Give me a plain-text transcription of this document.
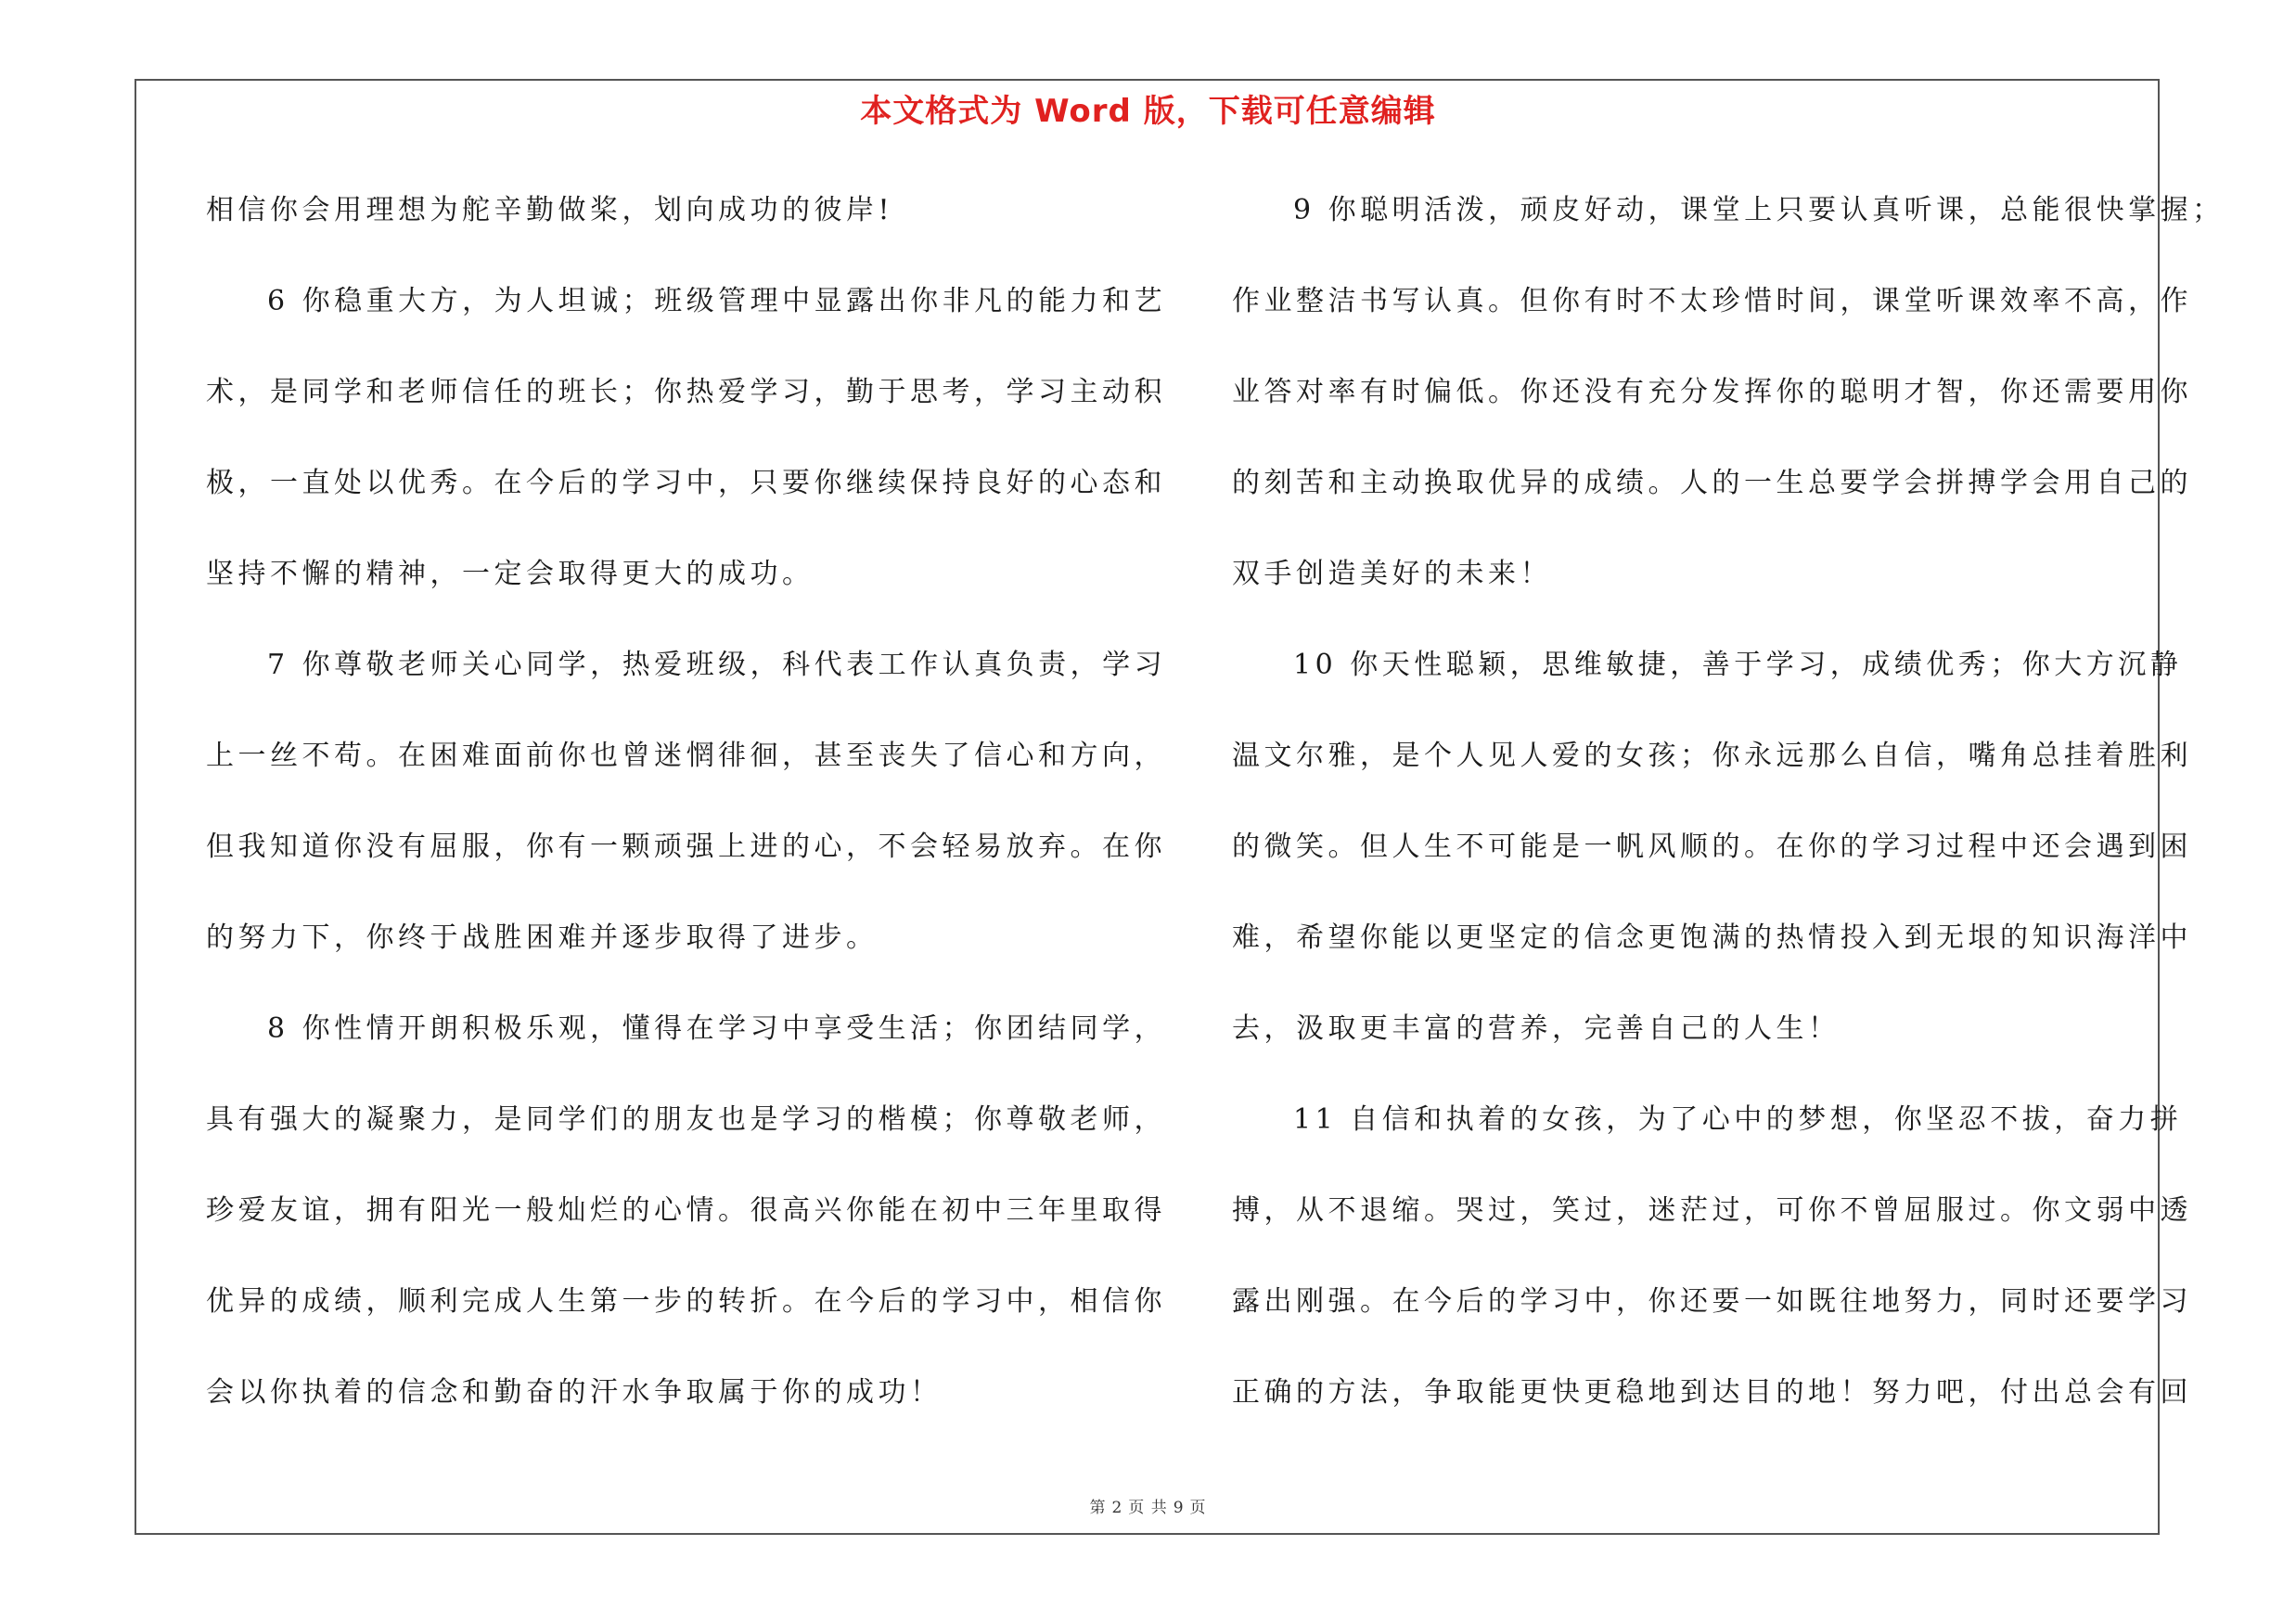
本文格式为 Word 版，下载可任意编辑
相信你会用理想为舵辛勤做桨，划向成功的彼岸!
6 你稳重大方，为人坦诚；班级管理中显露出你非凡的能力和艺
术，是同学和老师信任的班长；你热爱学习，勤于思考，学习主动积
极，一直处以优秀。在今后的学习中，只要你继续保持良好的心态和
坚持不懈的精神，一定会取得更大的成功。
7 你尊敬老师关心同学，热爱班级，科代表工作认真负责，学习
上一丝不苟。在困难面前你也曾迷惘徘徊，甚至丧失了信心和方向，
但我知道你没有屈服，你有一颗顽强上进的心，不会轻易放弃。在你
的努力下，你终于战胜困难并逐步取得了进步。
8 你性情开朗积极乐观，懂得在学习中享受生活；你团结同学，
具有强大的凝聚力，是同学们的朋友也是学习的楷模；你尊敬老师，
珍爱友谊，拥有阳光一般灿烂的心情。很高兴你能在初中三年里取得
优异的成绩，顺利完成人生第一步的转折。在今后的学习中，相信你
会以你执着的信念和勤奋的汗水争取属于你的成功！
9 你聪明活泼，顽皮好动，课堂上只要认真听课，总能很快掌握；
作业整洁书写认真。但你有时不太珍惜时间，课堂听课效率不高，作
业答对率有时偏低。你还没有充分发挥你的聪明才智，你还需要用你
的刻苦和主动换取优异的成绩。人的一生总要学会拼搏学会用自己的
双手创造美好的未来！
10 你天性聪颖，思维敏捷，善于学习，成绩优秀；你大方沉静
温文尔雅，是个人见人爱的女孩；你永远那么自信，嘴角总挂着胜利
的微笑。但人生不可能是一帆风顺的。在你的学习过程中还会遇到困
难，希望你能以更坚定的信念更饱满的热情投入到无垠的知识海洋中
去，汲取更丰富的营养，完善自己的人生！
11 自信和执着的女孩，为了心中的梦想，你坚忍不拔，奋力拼
搏，从不退缩。哭过，笑过，迷茫过，可你不曾屈服过。你文弱中透
露出刚强。在今后的学习中，你还要一如既往地努力，同时还要学习
正确的方法，争取能更快更稳地到达目的地！努力吧，付出总会有回
第 2 页 共 9 页
